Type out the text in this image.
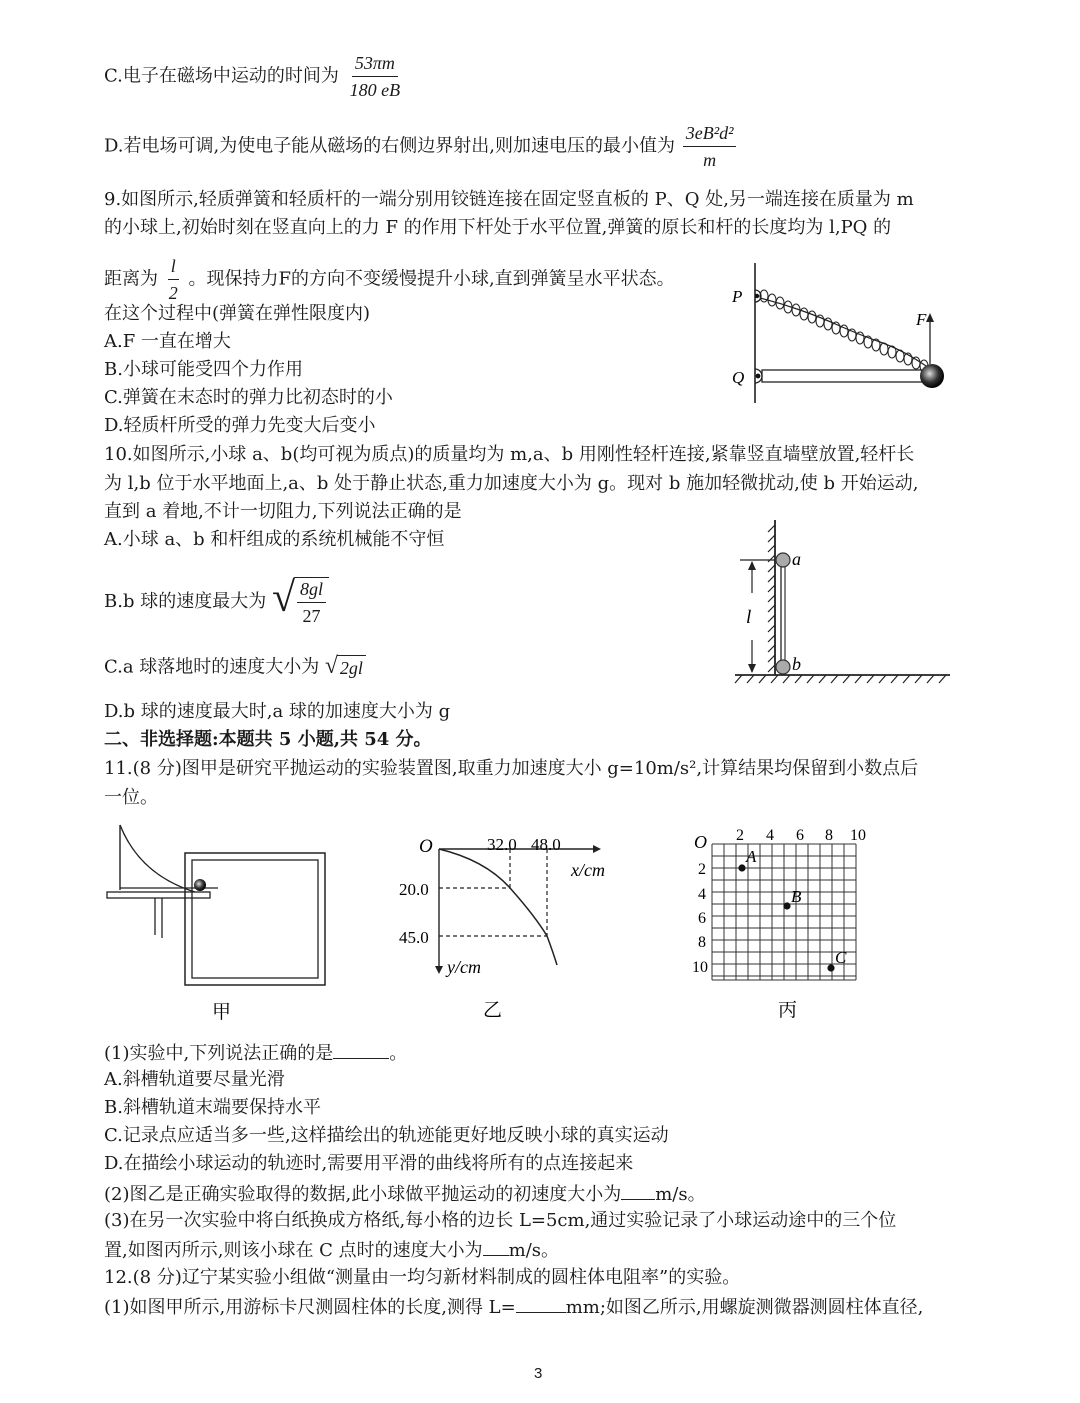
C.电子在磁场中运动的时间为 $\frac{53\pi m}{180 eB}$
D.若电场可调,为使电子能从磁场的右侧边界射出,则加速电压的最小值为 $\frac{\text{3eB²d²}}{m}$
9.如图所示,轻质弹簧和轻质杆的一端分别用铰链连接在固定竖直板的 P、Q 处,另一端连接在质量为 m
的小球上,初始时刻在竖直向上的力 F 的作用下杆处于水平位置,弹簧的原长和杆的长度均为 l,PQ 的
距离为 $\frac{l}{2}$ 。现保持力F的方向不变缓慢提升小球,直到弹簧呈水平状态。
在这个过程中(弹簧在弹性限度内)
A.F 一直在增大
B.小球可能受四个力作用
C.弹簧在末态时的弹力比初态时的小
D.轻质杆所受的弹力先变大后变小
P
Q
F
10.如图所示,小球 a、b(均可视为质点)的质量均为 m,a、b 用刚性轻杆连接,紧靠竖直墙壁放置,轻杆长
为 l,b 位于水平地面上,a、b 处于静止状态,重力加速度大小为 g。现对 b 施加轻微扰动,使 b 开始运动,
直到 a 着地,不计一切阻力,下列说法正确的是
A.小球 a、b 和杆组成的系统机械能不守恒
B.b 球的速度最大为 √ $\frac{8gl}{27}$
C.a 球落地时的速度大小为 √ 2gl
D.b 球的速度最大时,a 球的加速度大小为 g
a
b
l
二、非选择题:本题共 5 小题,共 54 分。
11.(8 分)图甲是研究平抛运动的实验装置图,取重力加速度大小 g=10m/s²,计算结果均保留到小数点后
一位。
甲
O	32.0 48.0
20.0
45.0
x/cm
y/cm
乙
O 2 4 6 8 10
2
4
6
8
10
A
B
C
丙
(1)实验中,下列说法正确的是	。
A.斜槽轨道要尽量光滑
B.斜槽轨道末端要保持水平
C.记录点应适当多一些,这样描绘出的轨迹能更好地反映小球的真实运动
D.在描绘小球运动的轨迹时,需要用平滑的曲线将所有的点连接起来
(2)图乙是正确实验取得的数据,此小球做平抛运动的初速度大小为 m/s。
(3)在另一次实验中将白纸换成方格纸,每小格的边长 L=5cm,通过实验记录了小球运动途中的三个位
置,如图丙所示,则该小球在 C 点时的速度大小为 m/s。
12.(8 分)辽宁某实验小组做“测量由一均匀新材料制成的圆柱体电阻率”的实验。
(1)如图甲所示,用游标卡尺测圆柱体的长度,测得 L=	mm;如图乙所示,用螺旋测微器测圆柱体直径,
3
